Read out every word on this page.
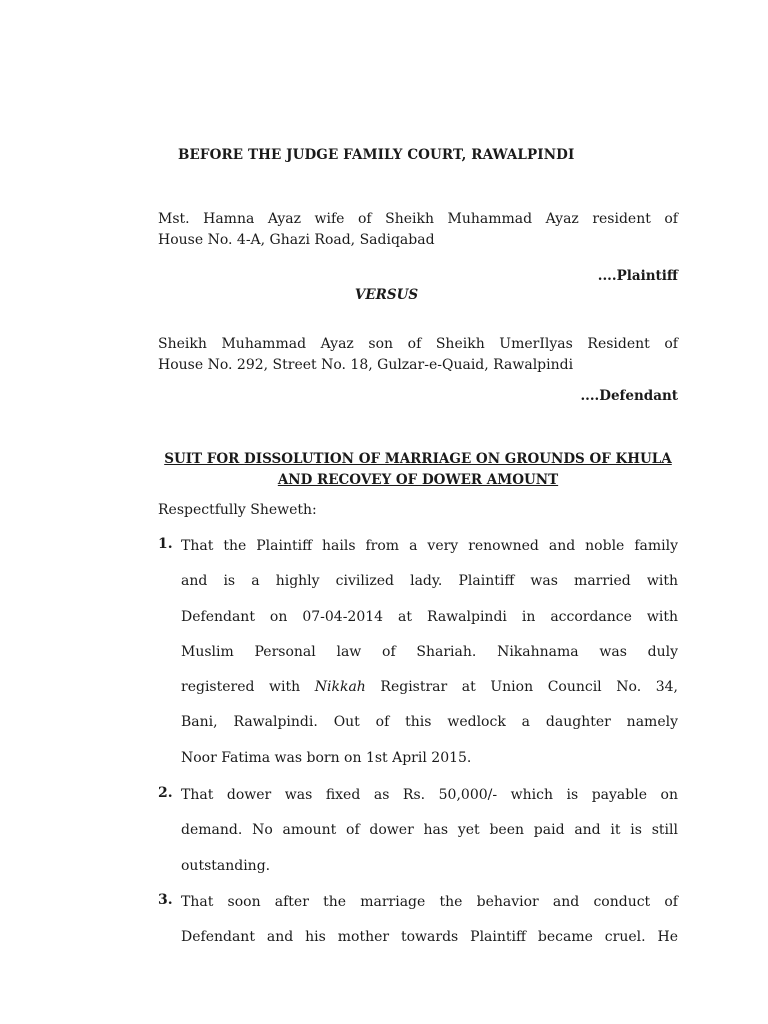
BEFORE THE JUDGE FAMILY COURT, RAWALPINDI
Mst. Hamna Ayaz wife of Sheikh Muhammad Ayaz resident of
House No. 4-A, Ghazi Road, Sadiqabad
....Plaintiff
VERSUS
Sheikh Muhammad Ayaz son of Sheikh UmerIlyas Resident of
House No. 292, Street No. 18, Gulzar-e-Quaid, Rawalpindi
....Defendant
SUIT FOR DISSOLUTION OF MARRIAGE ON GROUNDS OF KHULA
AND RECOVEY OF DOWER AMOUNT
Respectfully Sheweth:
1. That the Plaintiff hails from a very renowned and noble family
and is a highly civilized lady. Plaintiff was married with
Defendant on 07-04-2014 at Rawalpindi in accordance with
Muslim Personal law of Shariah. Nikahnama was duly
registered with Nikkah Registrar at Union Council No. 34,
Bani, Rawalpindi. Out of this wedlock a daughter namely
Noor Fatima was born on 1st April 2015.
2. That dower was fixed as Rs. 50,000/- which is payable on
demand. No amount of dower has yet been paid and it is still
outstanding.
3. That soon after the marriage the behavior and conduct of
Defendant and his mother towards Plaintiff became cruel. He
